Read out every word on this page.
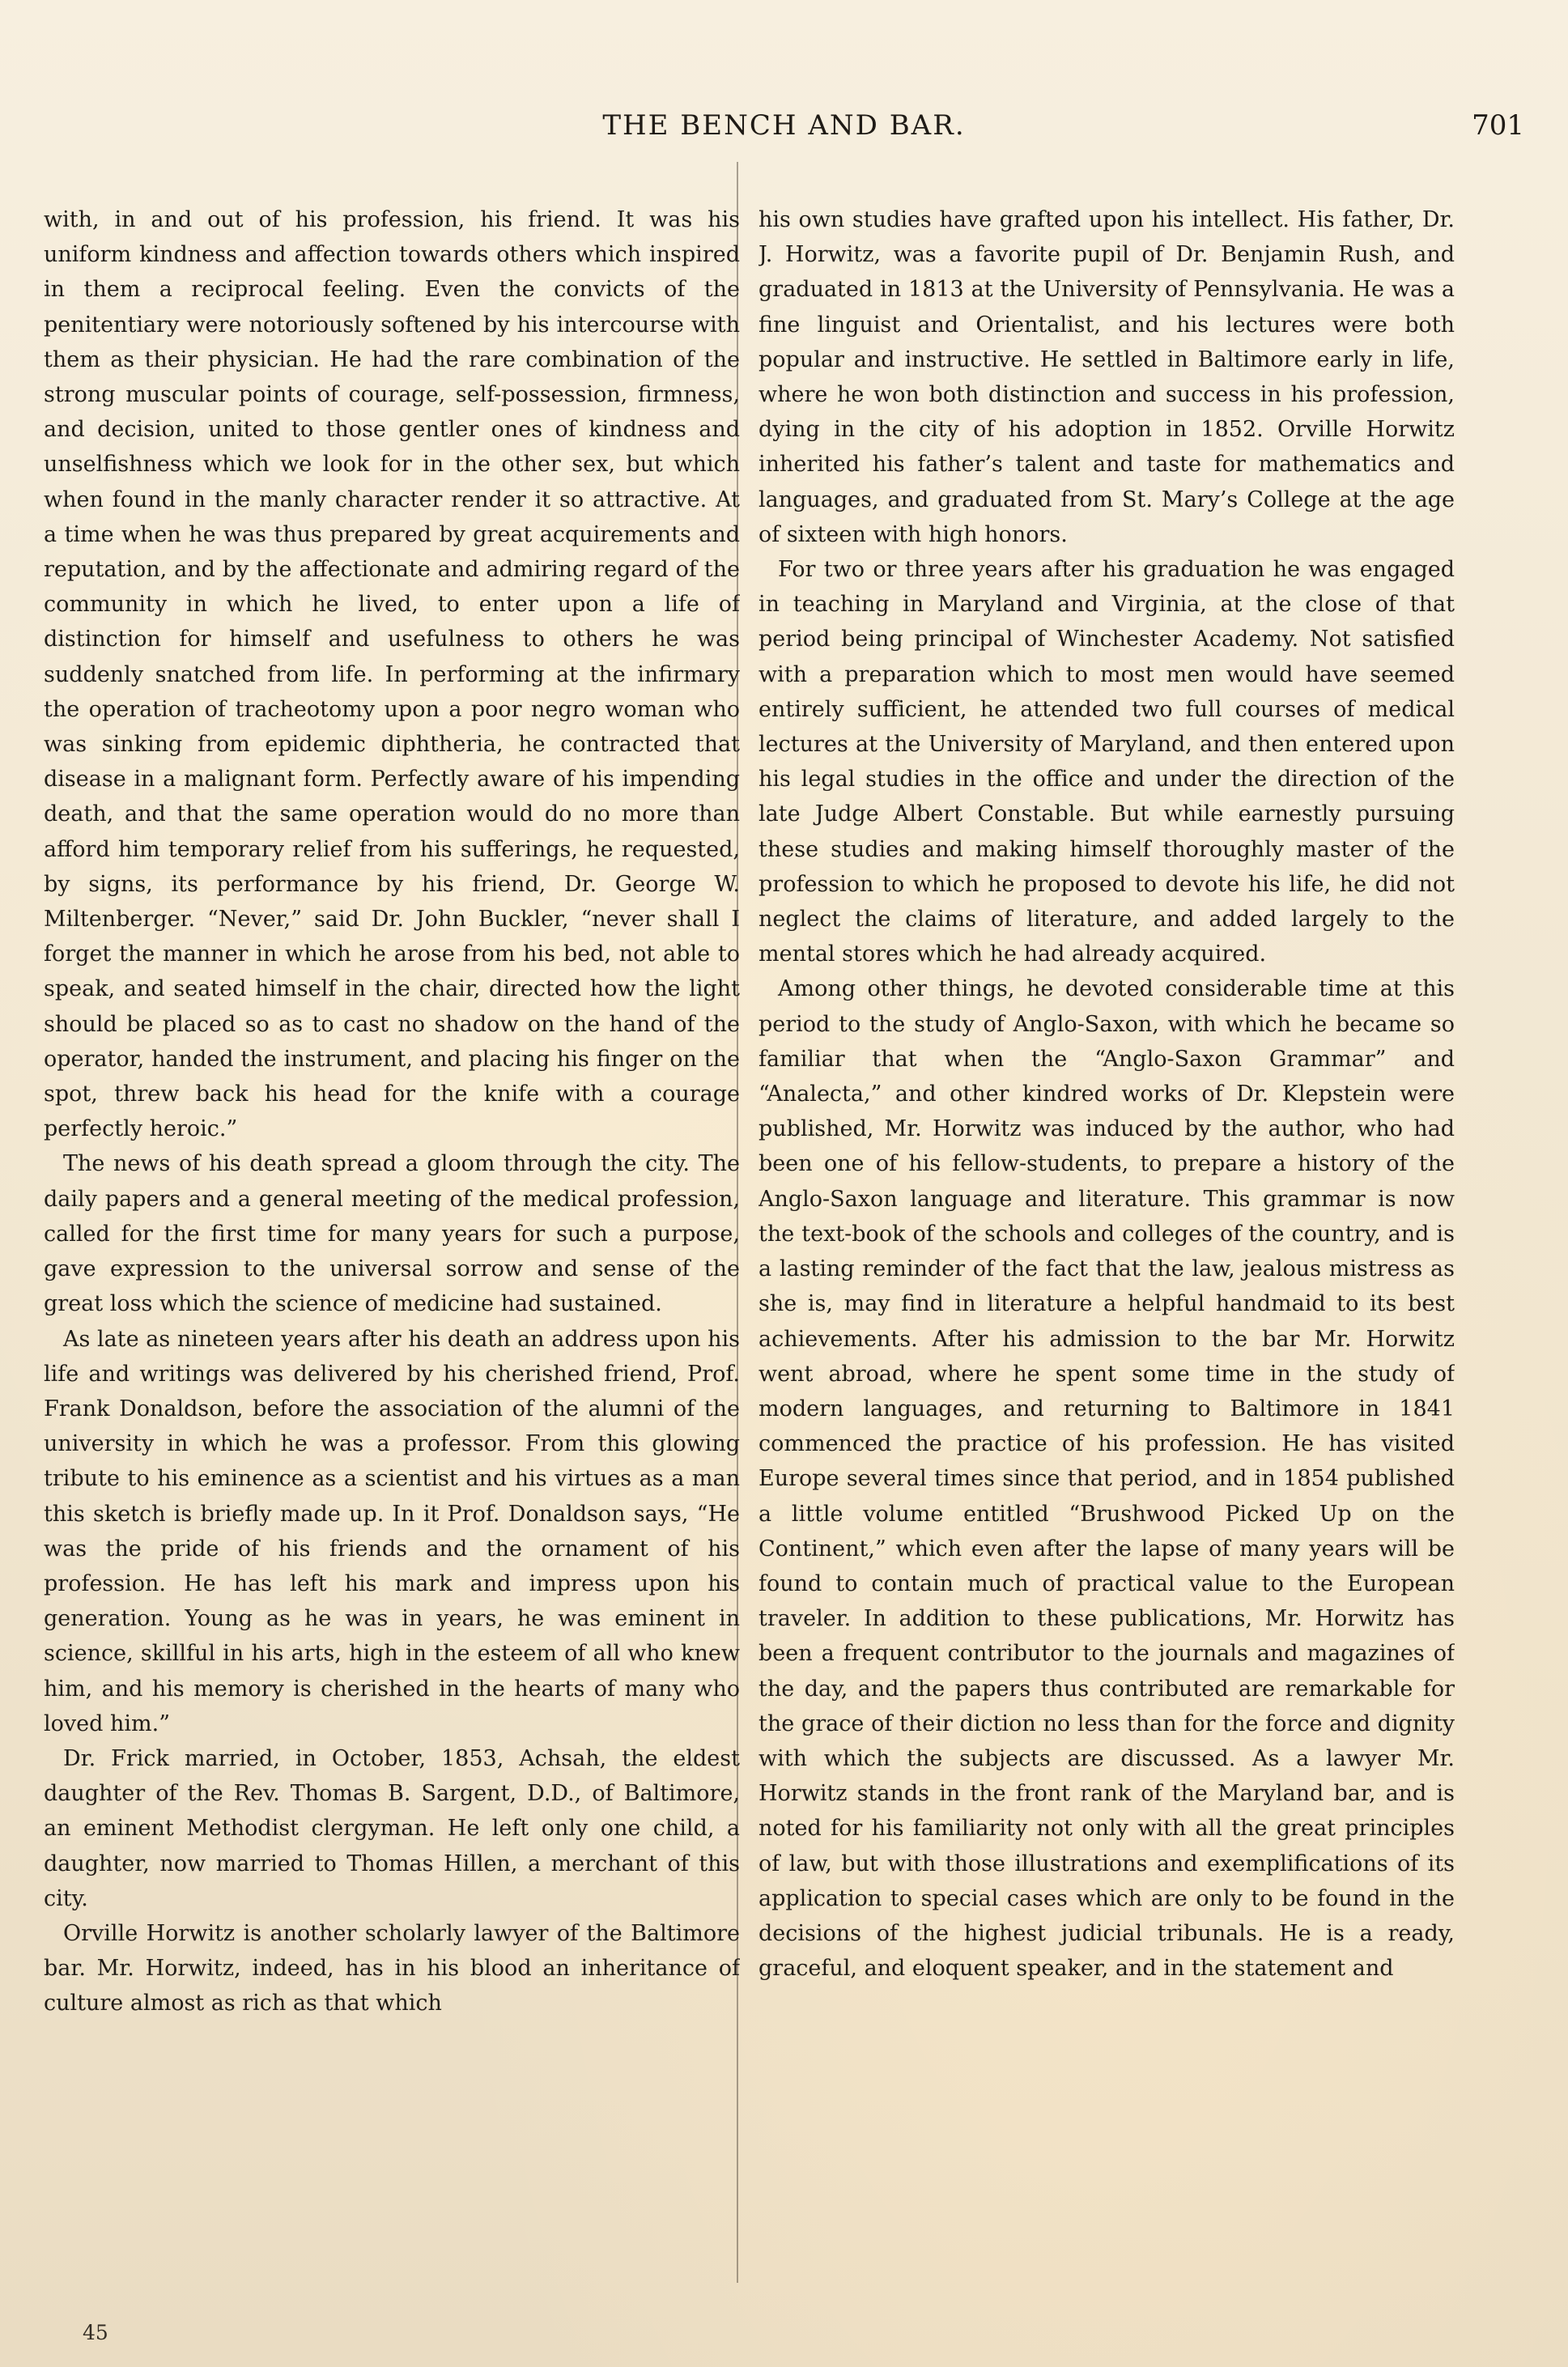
THE BENCH AND BAR.	701

with, in and out of his profession, his friend. It was his uniform kindness and affection towards others which inspired in them a reciprocal feeling. Even the convicts of the penitentiary were notoriously softened by his intercourse with them as their physician. He had the rare combination of the strong muscular points of courage, self-possession, firmness, and decision, united to those gentler ones of kindness and unselfishness which we look for in the other sex, but which when found in the manly character render it so attractive. At a time when he was thus prepared by great acquirements and reputation, and by the affectionate and admiring regard of the community in which he lived, to enter upon a life of distinction for himself and usefulness to others he was suddenly snatched from life. In performing at the infirmary the operation of tracheotomy upon a poor negro woman who was sinking from epidemic diphtheria, he contracted that disease in a malignant form. Perfectly aware of his impending death, and that the same operation would do no more than afford him temporary relief from his sufferings, he requested, by signs, its performance by his friend, Dr. George W. Miltenberger. “Never,” said Dr. John Buckler, “never shall I forget the manner in which he arose from his bed, not able to speak, and seated himself in the chair, directed how the light should be placed so as to cast no shadow on the hand of the operator, handed the instrument, and placing his finger on the spot, threw back his head for the knife with a courage perfectly heroic.”

The news of his death spread a gloom through the city. The daily papers and a general meeting of the medical profession, called for the first time for many years for such a purpose, gave expression to the universal sorrow and sense of the great loss which the science of medicine had sustained.

As late as nineteen years after his death an address upon his life and writings was delivered by his cherished friend, Prof. Frank Donaldson, before the association of the alumni of the university in which he was a professor. From this glowing tribute to his eminence as a scientist and his virtues as a man this sketch is briefly made up. In it Prof. Donaldson says, “He was the pride of his friends and the ornament of his profession. He has left his mark and impress upon his generation. Young as he was in years, he was eminent in science, skillful in his arts, high in the esteem of all who knew him, and his memory is cherished in the hearts of many who loved him.”

Dr. Frick married, in October, 1853, Achsah, the eldest daughter of the Rev. Thomas B. Sargent, D.D., of Baltimore, an eminent Methodist clergyman. He left only one child, a daughter, now married to Thomas Hillen, a merchant of this city.

Orville Horwitz is another scholarly lawyer of the Baltimore bar. Mr. Horwitz, indeed, has in his blood an inheritance of culture almost as rich as that which

his own studies have grafted upon his intellect. His father, Dr. J. Horwitz, was a favorite pupil of Dr. Benjamin Rush, and graduated in 1813 at the University of Pennsylvania. He was a fine linguist and Orientalist, and his lectures were both popular and instructive. He settled in Baltimore early in life, where he won both distinction and success in his profession, dying in the city of his adoption in 1852. Orville Horwitz inherited his father’s talent and taste for mathematics and languages, and graduated from St. Mary’s College at the age of sixteen with high honors.

For two or three years after his graduation he was engaged in teaching in Maryland and Virginia, at the close of that period being principal of Winchester Academy. Not satisfied with a preparation which to most men would have seemed entirely sufficient, he attended two full courses of medical lectures at the University of Maryland, and then entered upon his legal studies in the office and under the direction of the late Judge Albert Constable. But while earnestly pursuing these studies and making himself thoroughly master of the profession to which he proposed to devote his life, he did not neglect the claims of literature, and added largely to the mental stores which he had already acquired.

Among other things, he devoted considerable time at this period to the study of Anglo-Saxon, with which he became so familiar that when the “Anglo-Saxon Grammar” and “Analecta,” and other kindred works of Dr. Klepstein were published, Mr. Horwitz was induced by the author, who had been one of his fellow-students, to prepare a history of the Anglo-Saxon language and literature. This grammar is now the text-book of the schools and colleges of the country, and is a lasting reminder of the fact that the law, jealous mistress as she is, may find in literature a helpful handmaid to its best achievements. After his admission to the bar Mr. Horwitz went abroad, where he spent some time in the study of modern languages, and returning to Baltimore in 1841 commenced the practice of his profession. He has visited Europe several times since that period, and in 1854 published a little volume entitled “Brushwood Picked Up on the Continent,” which even after the lapse of many years will be found to contain much of practical value to the European traveler. In addition to these publications, Mr. Horwitz has been a frequent contributor to the journals and magazines of the day, and the papers thus contributed are remarkable for the grace of their diction no less than for the force and dignity with which the subjects are discussed. As a lawyer Mr. Horwitz stands in the front rank of the Maryland bar, and is noted for his familiarity not only with all the great principles of law, but with those illustrations and exemplifications of its application to special cases which are only to be found in the decisions of the highest judicial tribunals. He is a ready, graceful, and eloquent speaker, and in the statement and

45
